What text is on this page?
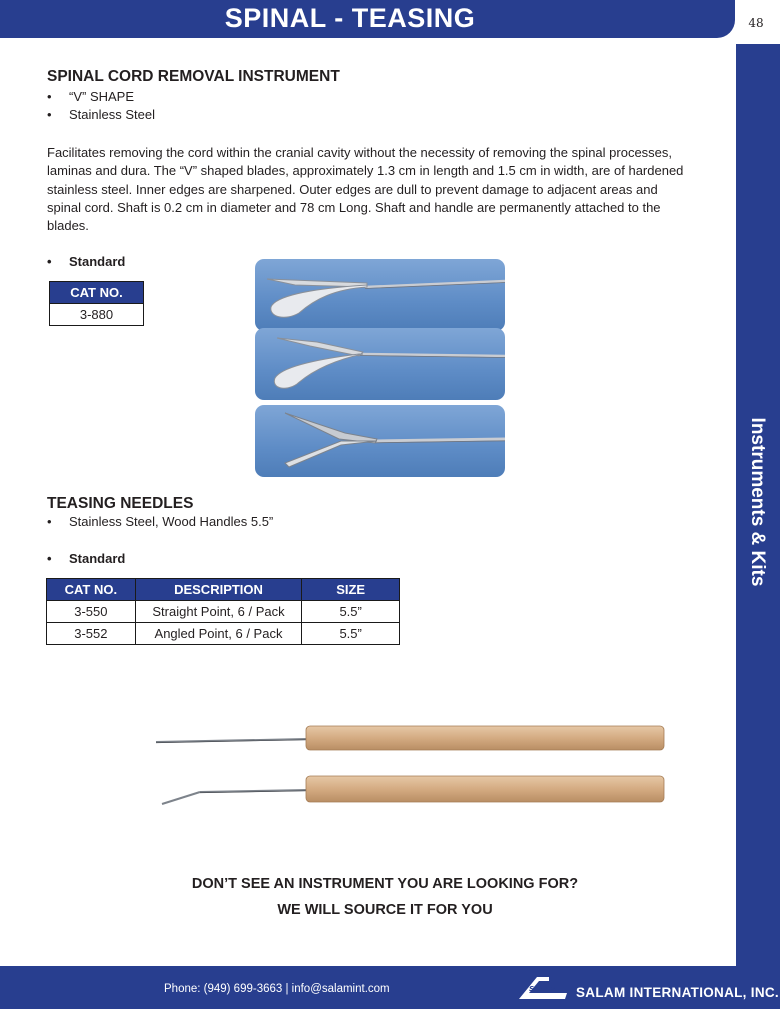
SPINAL - TEASING	48
Instruments & Kits
SPINAL CORD REMOVAL INSTRUMENT
• “V” SHAPE
• Stainless Steel
Facilitates removing the cord within the cranial cavity without the necessity of removing the spinal processes, laminas and dura. The “V” shaped blades, approximately 1.3 cm in length and 1.5 cm in width, are of hardened stainless steel. Inner edges are sharpened. Outer edges are dull to prevent damage to adjacent areas and spinal cord. Shaft is 0.2 cm in diameter and 78 cm Long. Shaft and handle are permanently attached to the blades.
• Standard
CAT NO.
3-880
TEASING NEEDLES
• Stainless Steel, Wood Handles 5.5”
• Standard
CAT NO.	DESCRIPTION	SIZE
3-550	Straight Point, 6 / Pack	5.5”
3-552	Angled Point, 6 / Pack	5.5”
DON’T SEE AN INSTRUMENT YOU ARE LOOKING FOR?
WE WILL SOURCE IT FOR YOU
Phone: (949) 699-3663 | info@salamint.com	SALAM SALAM INTERNATIONAL, INC.
